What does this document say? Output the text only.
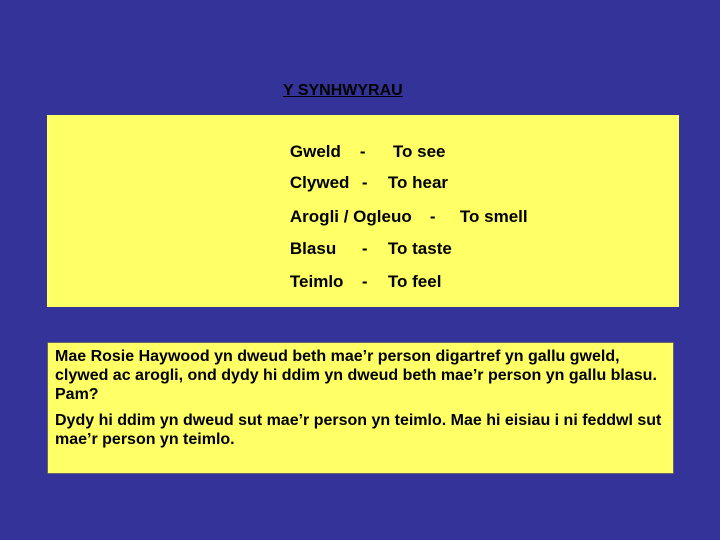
Y SYNHWYRAU

Gweld - To see

Clywed - To hear

Arogli / Ogleuo - To smell

Blasu - To taste

Teimlo - To feel

Mae Rosie Haywood yn dweud beth mae’r person digartref yn gallu gweld, clywed ac arogli, ond dydy hi ddim yn dweud beth mae’r person yn gallu blasu. Pam?

Dydy hi ddim yn dweud sut mae’r person yn teimlo. Mae hi eisiau i ni feddwl sut mae’r person yn teimlo.
